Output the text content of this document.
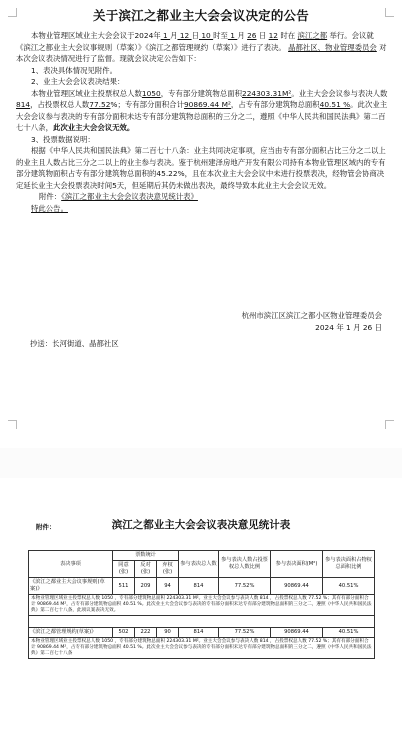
关于滨江之都业主大会会议决定的公告

本物业管理区域业主大会会议于2024年 1 月 12 日 10 时至 1 月 26 日 12 时在 滨江之都 举行。会议就《滨江之都业主大会议事规则（草案）》《滨江之都管理规约（草案）》进行了表决。 晶都社区、物业管理委员会 对本次会议表决情况进行了监督。现就会议决定公告如下：

1、表决具体情况见附件。

2、业主大会会议表决结果：

本物业管理区域业主投票权总人数1050，专有部分建筑物总面积224303.31M²。业主大会会议参与表决人数814，占投票权总人数77.52%；专有部分面积合计90869.44 M²，占专有部分建筑物总面积40.51 %。此次业主大会会议参与表决的专有部分面积未达专有部分建筑物总面积的三分之二，遵照《中华人民共和国民法典》第二百七十八条，此次业主大会会议无效。

3、投票数据说明：

根据《中华人民共和国民法典》第二百七十八条：业主共同决定事项，应当由专有部分面积占比三分之二以上的业主且人数占比三分之二以上的业主参与表决。鉴于杭州建泽房地产开发有限公司持有本物业管理区域内的专有部分建筑物面积占专有部分建筑物总面积的45.22%，且在本次业主大会会议中未进行投票表决，经物管会协商决定延长业主大会投票表决时间5天，但延期后其仍未做出表决，最终导致本此业主大会会议无效。

附件：《滨江之都业主大会会议表决意见统计表》

特此公告。

杭州市滨江区滨江之都小区物业管理委员会
2024 年 1 月 26 日
抄送：长河街道、晶都社区
附件：	滨江之都业主大会会议表决意见统计表
表决事项	票数统计			参与表决总人数	参与表决人数占投票权总人数比例	参与表决面积(M²)	参与表决面积占物权总面积比例
	同意(张)	反对(张)	弃权(张)				
《滨江之都业主大会议事规则(草案)》	511	209	94	814	77.52%	90869.44	40.51%
本物业管理区域业主投票权总人数 1050 ，专有部分建筑物总面积 224303.31 M²。业主大会会议参与表决人数 814 ，占投票权总人数 77.52 %；其有有部分面积合计 90869.44 M²，占专有部分建筑物总面积 40.51 %。此次业主大会会议参与表决的专有部分面积未达专有部分建筑物总面积的三分之二，遵照《中华人民共和国民法典》第二百七十八条，此项议案表决无效。							

《滨江之都管理规约(草案)》	502	222	90	814	77.52%	90869.44	40.51%
本物业管理区域业主投票权总人数 1050 ，专有部分建筑物总面积 224303.31 M²。业主大会会议参与表决人数 814 ，占投票权总人数 77.52 %；其有有部分面积合计 90869.44 M²，占专有部分建筑物总面积 40.51 %。此次业主大会会议参与表决的专有部分面积未达专有部分建筑物总面积的三分之二，遵照《中华人民共和国民法典》第二百七十八条							
